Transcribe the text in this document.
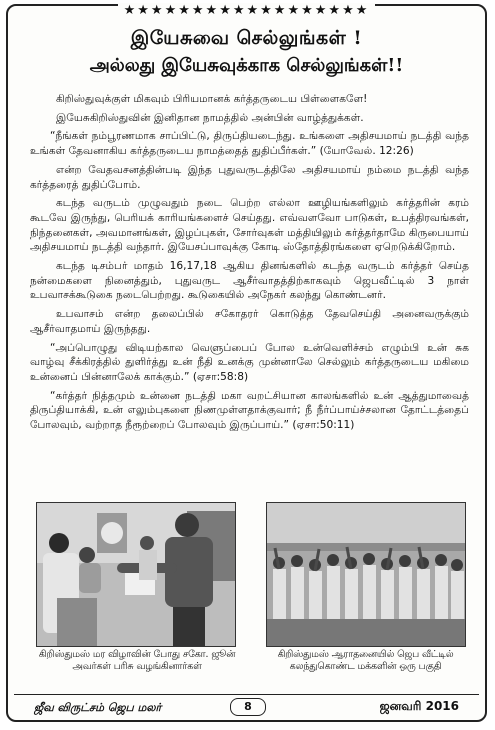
★★★★★★★★★★★★★★★★★★
இயேசுவை செல்லுங்கள் !
அல்லது இயேசுவுக்காக செல்லுங்கள்!!

கிறிஸ்துவுக்குள் மிகவும் பிரியமானக் கர்த்தருடைய பிள்ளைகளே!

இயேசுகிறிஸ்துவின் இனிதான நாமத்தில் அன்பின் வாழ்த்துக்கள்.

“நீங்கள் நம்பூரணமாக சாப்பிட்டு, திருப்தியடைந்து. உங்களை அதிசயமாய் நடத்தி வந்த உங்கள் தேவனாகிய கர்த்தருடைய நாமத்தைத் துதிப்பீர்கள்.” (யோவேல். 12:26)

என்ற வேதவசனத்தின்படி இந்த புதுவருடத்திலே அதிசயமாய் நம்மை நடத்தி வந்த கர்த்தரைத் துதிப்போம்.

கடந்த வருடம் முழுவதும் நடை பெற்ற எல்லா ஊழியங்களிலும் கர்த்தரின் கரம் கூடவே இருந்து, பெரியக் காரியங்களைச் செய்தது. எவ்வளவோ பாடுகள், உபத்திரவங்கள், நிந்தனைகள், அவமானங்கள், இழப்புகள், சோர்வுகள் மத்தியிலும் கர்த்தர்தாமே கிருபையாய் அதிசயமாய் நடத்தி வந்தார். இயேசப்பாவுக்கு கோடி ஸ்தோத்திரங்களை ஏறெடுக்கிறோம்.

கடந்த டிசம்பர் மாதம் 16,17,18 ஆகிய தினங்களில் கடந்த வருடம் கர்த்தர் செய்த நன்மைகளை நினைத்தும், புதுவருட ஆசீர்வாதத்திற்காகவும் ஜெபவீட்டில் 3 நாள் உபவாசக்கூடுகை நடைபெற்றது. கூடுகையில் அநேகர் கலந்து கொண்டனர்.

உபவாசம் என்ற தலைப்பில் சகோதரர் கொடுத்த தேவசெய்தி அனைவருக்கும் ஆசீர்வாதமாய் இருந்தது.

“அப்பொழுது விடியற்கால வெளுப்பைப் போல உன்வெளிச்சம் எழும்பி உன் சுக வாழ்வு சீக்கிரத்தில் துளிர்த்து உன் நீதி உனக்கு முன்னாலே செல்லும் கர்த்தருடைய மகிமை உன்னைப் பின்னாலேக் காக்கும்.” (ஏசா:58:8)

“கர்த்தர் நித்தமும் உன்னை நடத்தி மகா வறட்சியான காலங்களில் உன் ஆத்துமாவைத் திருப்தியாக்கி, உன் எலும்புகளை நிணமுள்ளதாக்குவார்; நீ நீர்ப்பாய்ச்சலான தோட்டத்தைப் போலவும், வற்றாத நீரூற்றைப் போலவும் இருப்பாய்.” (ஏசா:50:11)

கிறிஸ்துமஸ் மர விழாவின் போது சகோ. ஜூன் அவர்கள் பரிசு வழங்கினார்கள்
கிறிஸ்துமஸ் ஆராதனையில் ஜெப வீட்டில் கலந்துகொண்ட மக்களின் ஒரு பகுதி
ஜீவ விருட்சம் ஜெப மலர்	8	ஜனவரி 2016
